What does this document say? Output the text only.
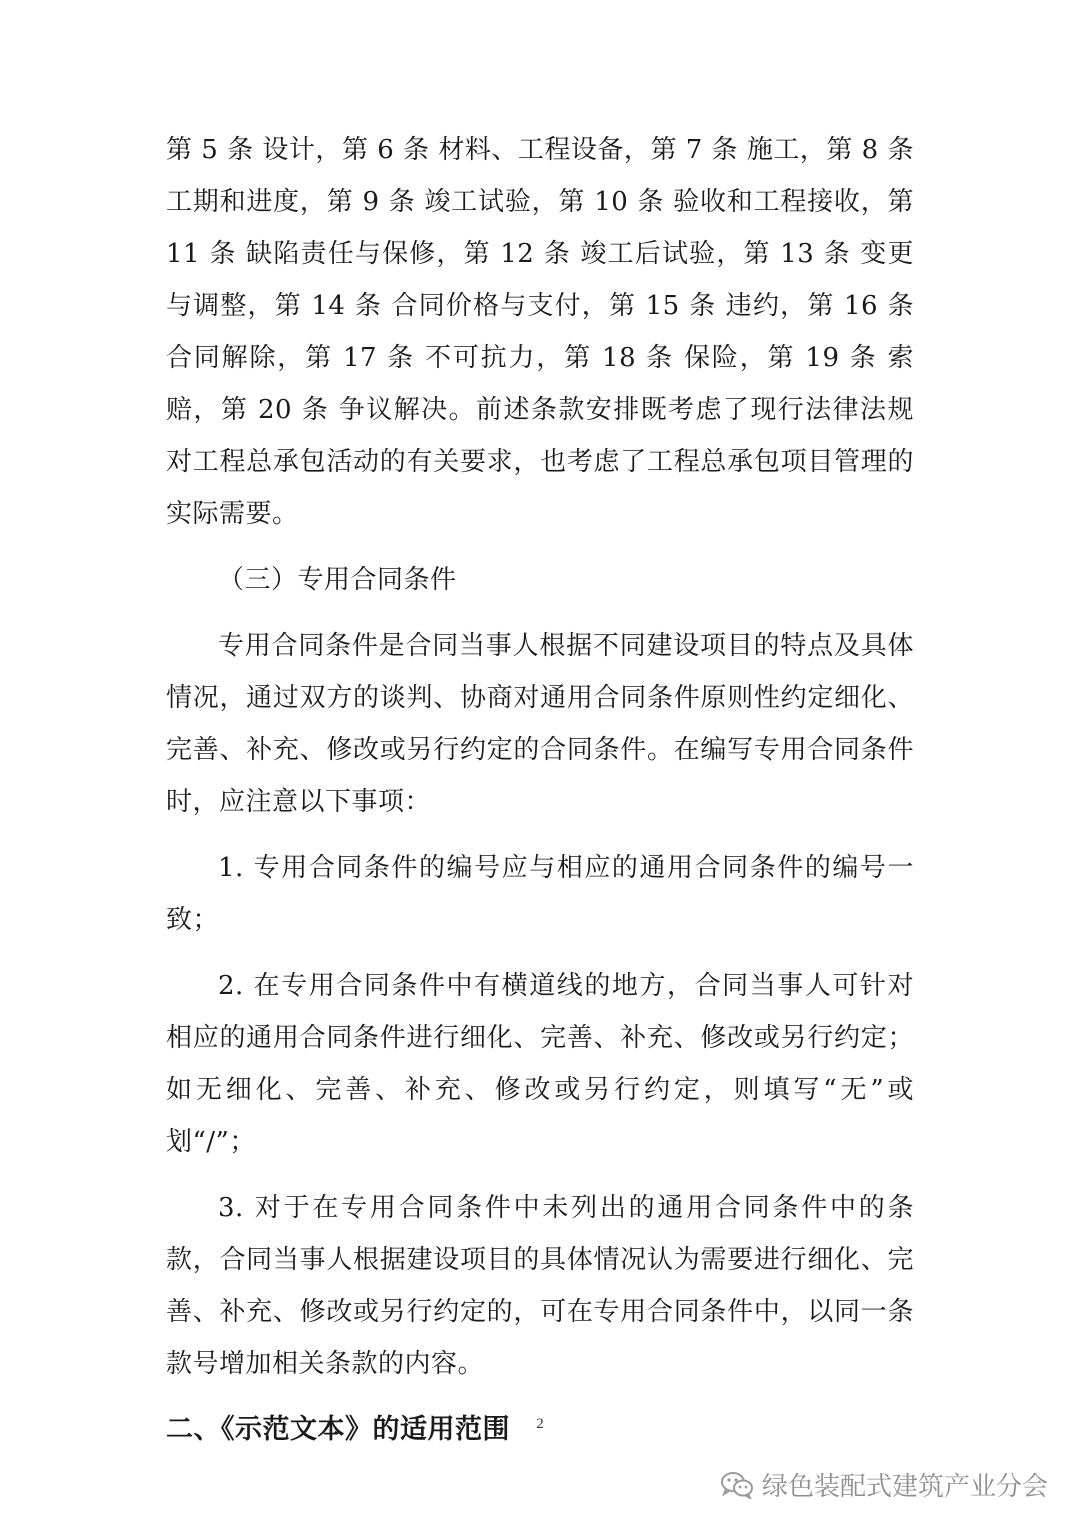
第 5 条 设计，第 6 条 材料、工程设备，第 7 条 施工，第 8 条 工期和进度，第 9 条 竣工试验，第 10 条 验收和工程接收，第 11 条 缺陷责任与保修，第 12 条 竣工后试验，第 13 条 变更与调整，第 14 条 合同价格与支付，第 15 条 违约，第 16 条 合同解除，第 17 条 不可抗力，第 18 条 保险，第 19 条 索赔，第 20 条 争议解决。前述条款安排既考虑了现行法律法规对工程总承包活动的有关要求，也考虑了工程总承包项目管理的实际需要。

（三）专用合同条件

专用合同条件是合同当事人根据不同建设项目的特点及具体情况，通过双方的谈判、协商对通用合同条件原则性约定细化、完善、补充、修改或另行约定的合同条件。在编写专用合同条件时，应注意以下事项：

1. 专用合同条件的编号应与相应的通用合同条件的编号一致；

2. 在专用合同条件中有横道线的地方，合同当事人可针对相应的通用合同条件进行细化、完善、补充、修改或另行约定；如无细化、完善、补充、修改或另行约定，则填写“无”或划“/”；

3. 对于在专用合同条件中未列出的通用合同条件中的条款，合同当事人根据建设项目的具体情况认为需要进行细化、完善、补充、修改或另行约定的，可在专用合同条件中，以同一条款号增加相关条款的内容。

二、《示范文本》的适用范围	2
绿色装配式建筑产业分会
